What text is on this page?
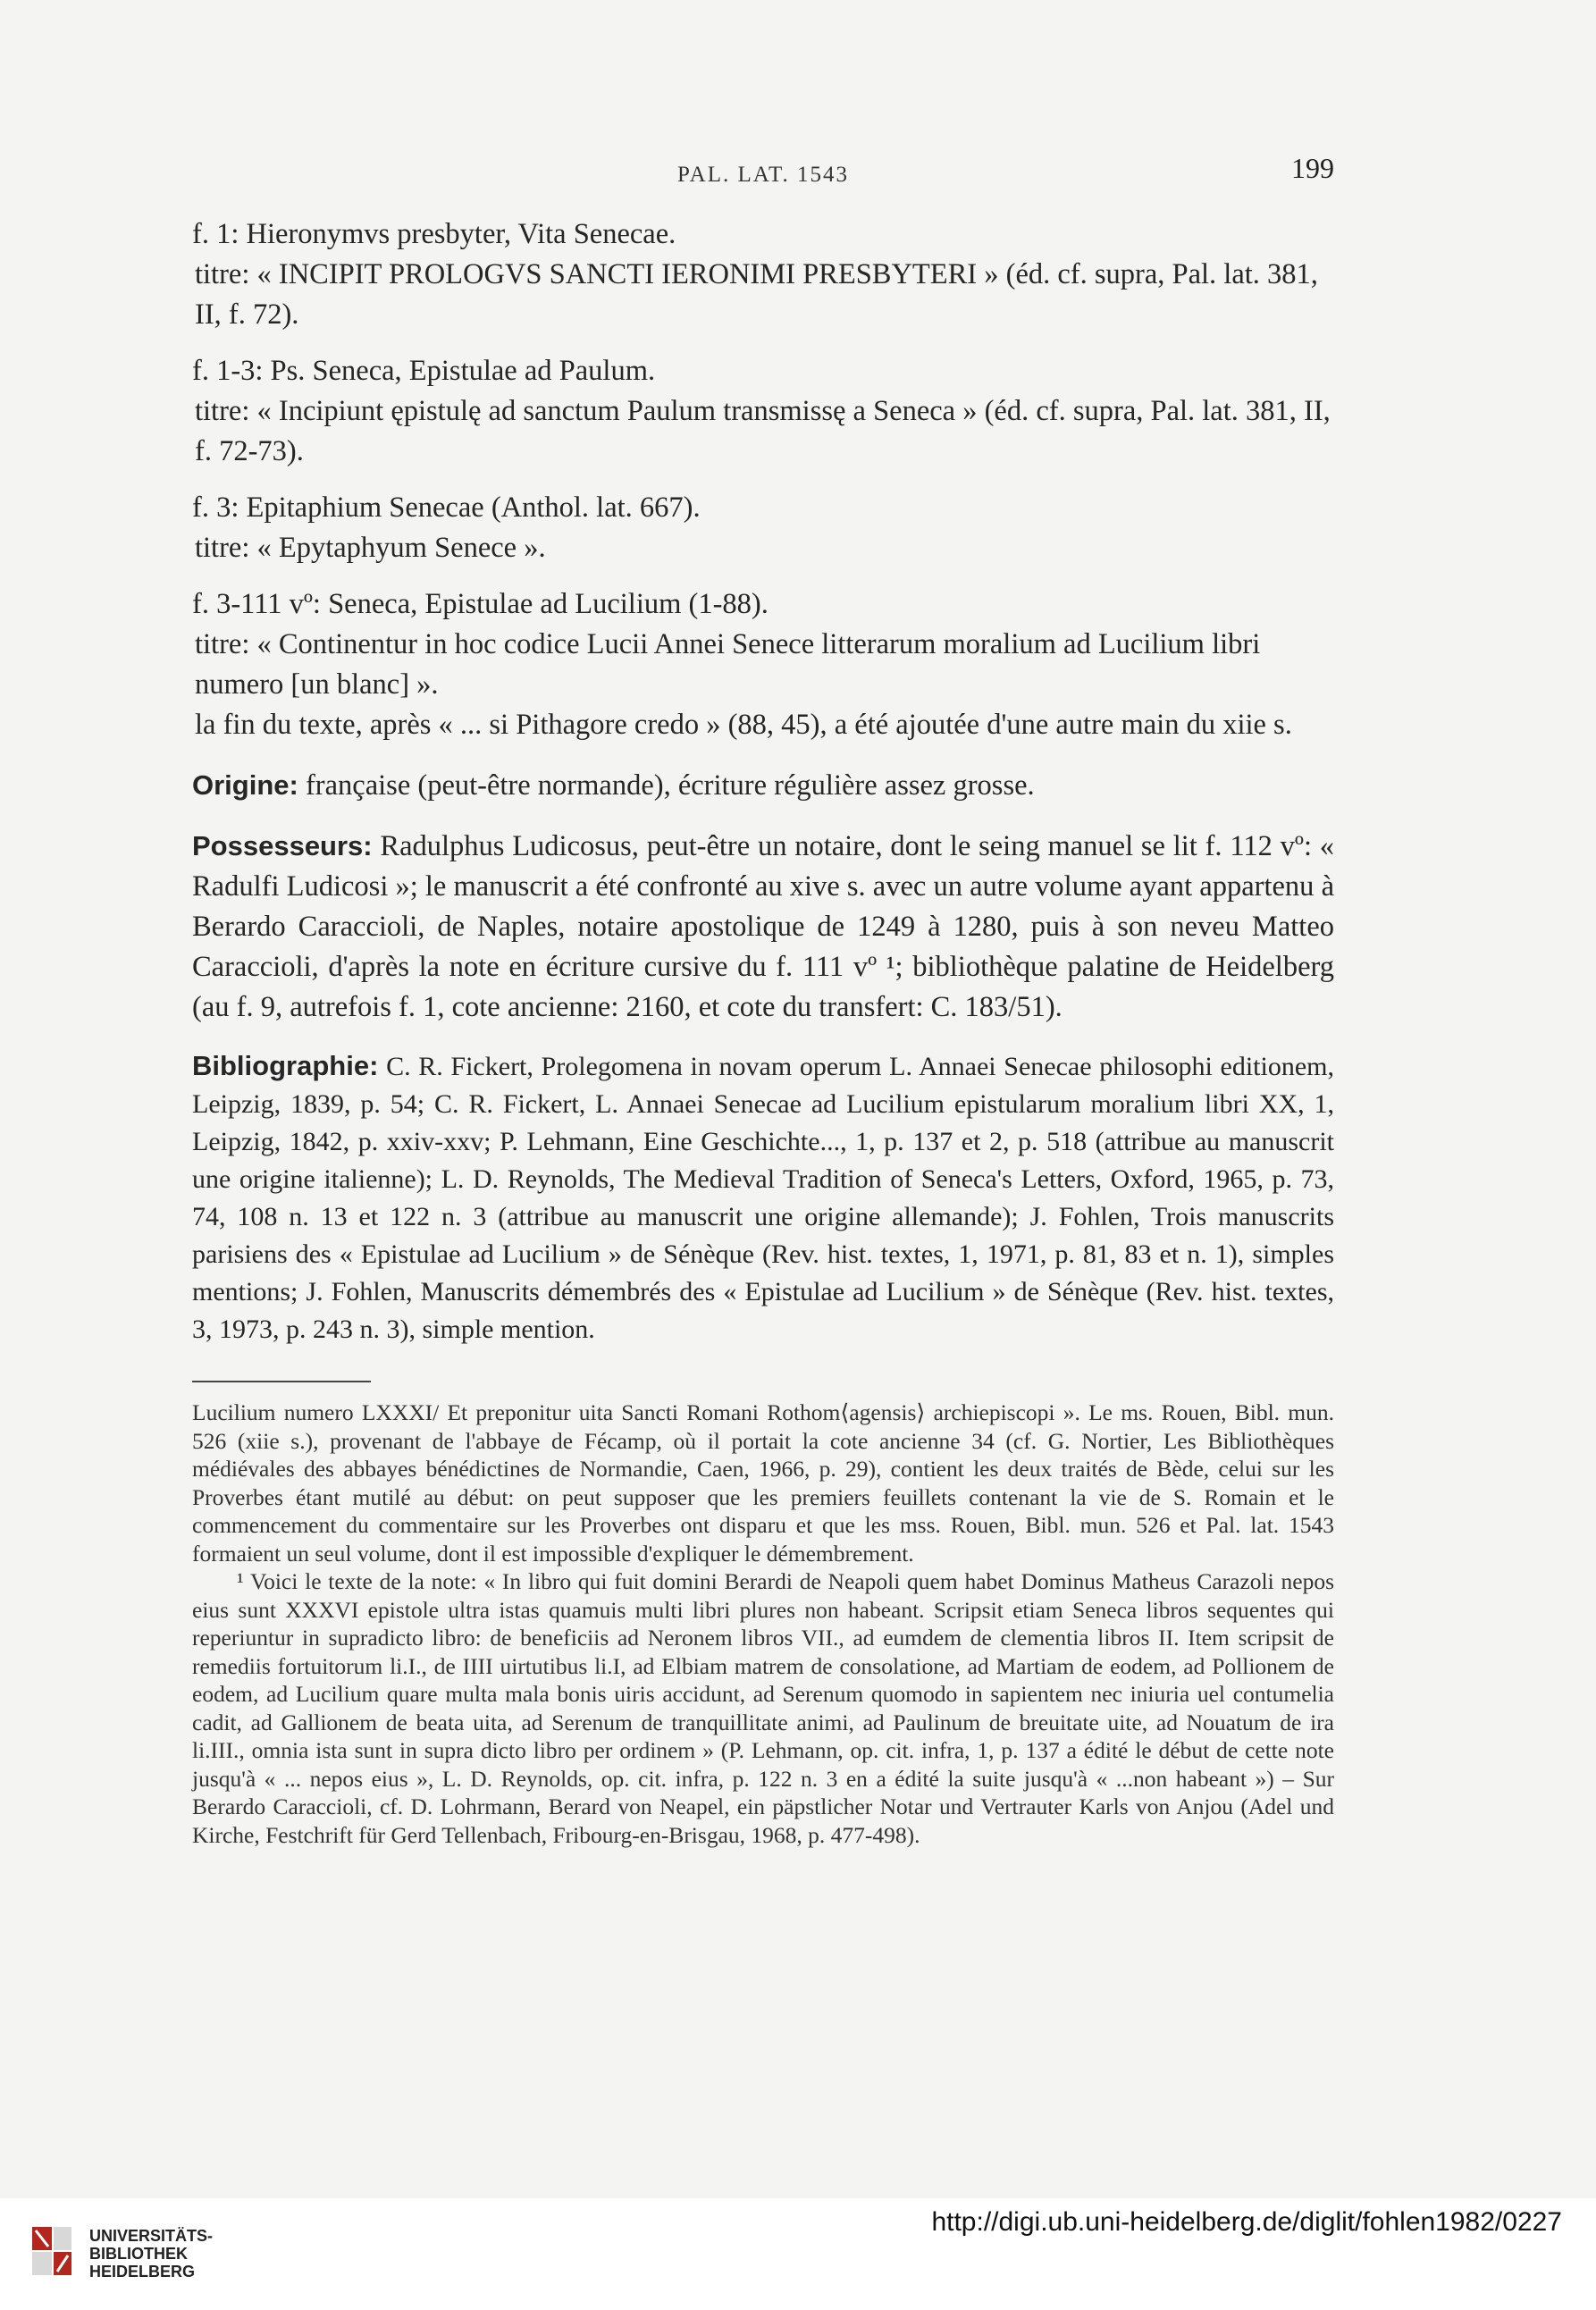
PAL. LAT. 1543	199

f. 1: Hieronymvs presbyter, Vita Senecae.

titre: « INCIPIT PROLOGVS SANCTI IERONIMI PRESBYTERI » (éd. cf. supra, Pal. lat. 381, II, f. 72).

f. 1-3: Ps. Seneca, Epistulae ad Paulum.

titre: « Incipiunt ępistulę ad sanctum Paulum transmissę a Seneca » (éd. cf. supra, Pal. lat. 381, II, f. 72-73).

f. 3: Epitaphium Senecae (Anthol. lat. 667).

titre: « Epytaphyum Senece ».

f. 3-111 vº: Seneca, Epistulae ad Lucilium (1-88).

titre: « Continentur in hoc codice Lucii Annei Senece litterarum moralium ad Lucilium libri numero [un blanc] ».

la fin du texte, après « ... si Pithagore credo » (88, 45), a été ajoutée d'une autre main du xiie s.

Origine: française (peut-être normande), écriture régulière assez grosse.

Possesseurs: Radulphus Ludicosus, peut-être un notaire, dont le seing manuel se lit f. 112 vº: « Radulfi Ludicosi »; le manuscrit a été confronté au xive s. avec un autre volume ayant appartenu à Berardo Caraccioli, de Naples, notaire apostolique de 1249 à 1280, puis à son neveu Matteo Caraccioli, d'après la note en écriture cursive du f. 111 vº ¹; bibliothèque palatine de Heidelberg (au f. 9, autrefois f. 1, cote ancienne: 2160, et cote du transfert: C. 183/51).

Bibliographie: C. R. Fickert, Prolegomena in novam operum L. Annaei Senecae philosophi editionem, Leipzig, 1839, p. 54; C. R. Fickert, L. Annaei Senecae ad Lucilium epistularum moralium libri XX, 1, Leipzig, 1842, p. xxiv-xxv; P. Lehmann, Eine Geschichte..., 1, p. 137 et 2, p. 518 (attribue au manuscrit une origine italienne); L. D. Reynolds, The Medieval Tradition of Seneca's Letters, Oxford, 1965, p. 73, 74, 108 n. 13 et 122 n. 3 (attribue au manuscrit une origine allemande); J. Fohlen, Trois manuscrits parisiens des « Epistulae ad Lucilium » de Sénèque (Rev. hist. textes, 1, 1971, p. 81, 83 et n. 1), simples mentions; J. Fohlen, Manuscrits démembrés des « Epistulae ad Lucilium » de Sénèque (Rev. hist. textes, 3, 1973, p. 243 n. 3), simple mention.

Lucilium numero LXXXI/ Et preponitur uita Sancti Romani Rothom⟨agensis⟩ archiepiscopi ». Le ms. Rouen, Bibl. mun. 526 (xiie s.), provenant de l'abbaye de Fécamp, où il portait la cote ancienne 34 (cf. G. Nortier, Les Bibliothèques médiévales des abbayes bénédictines de Normandie, Caen, 1966, p. 29), contient les deux traités de Bède, celui sur les Proverbes étant mutilé au début: on peut supposer que les premiers feuillets contenant la vie de S. Romain et le commencement du commentaire sur les Proverbes ont disparu et que les mss. Rouen, Bibl. mun. 526 et Pal. lat. 1543 formaient un seul volume, dont il est impossible d'expliquer le démembrement.

¹ Voici le texte de la note: « In libro qui fuit domini Berardi de Neapoli quem habet Dominus Matheus Carazoli nepos eius sunt XXXVI epistole ultra istas quamuis multi libri plures non habeant. Scripsit etiam Seneca libros sequentes qui reperiuntur in supradicto libro: de beneficiis ad Neronem libros VII., ad eumdem de clementia libros II. Item scripsit de remediis fortuitorum li.I., de IIII uirtutibus li.I, ad Elbiam matrem de consolatione, ad Martiam de eodem, ad Pollionem de eodem, ad Lucilium quare multa mala bonis uiris accidunt, ad Serenum quomodo in sapientem nec iniuria uel contumelia cadit, ad Gallionem de beata uita, ad Serenum de tranquillitate animi, ad Paulinum de breuitate uite, ad Nouatum de ira li.III., omnia ista sunt in supra dicto libro per ordinem » (P. Lehmann, op. cit. infra, 1, p. 137 a édité le début de cette note jusqu'à « ... nepos eius », L. D. Reynolds, op. cit. infra, p. 122 n. 3 en a édité la suite jusqu'à « ...non habeant ») – Sur Berardo Caraccioli, cf. D. Lohrmann, Berard von Neapel, ein päpstlicher Notar und Vertrauter Karls von Anjou (Adel und Kirche, Festchrift für Gerd Tellenbach, Fribourg-en-Brisgau, 1968, p. 477-498).

UNIVERSITÄTS-
BIBLIOTHEK
HEIDELBERG
http://digi.ub.uni-heidelberg.de/diglit/fohlen1982/0227
